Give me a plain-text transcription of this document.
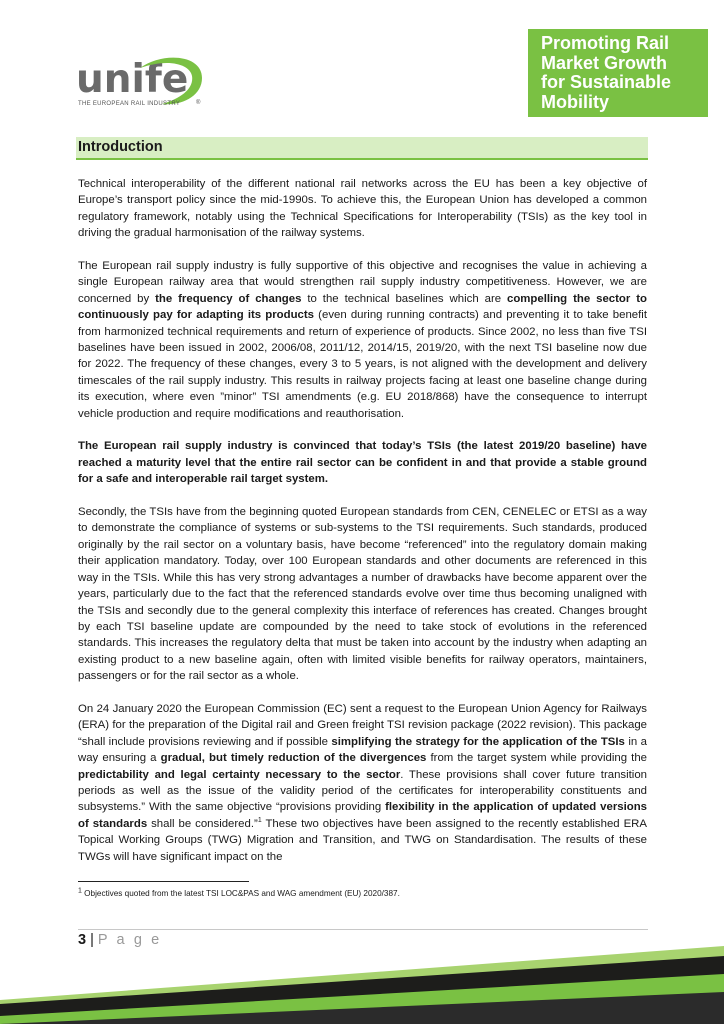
unife
THE EUROPEAN RAIL INDUSTRY	®
Promoting Rail
Market Growth
for Sustainable
Mobility
Introduction

Technical interoperability of the different national rail networks across the EU has been a key objective of Europe’s transport policy since the mid-1990s. To achieve this, the European Union has developed a common regulatory framework, notably using the Technical Specifications for Interoperability (TSIs) as the key tool in driving the gradual harmonisation of the railway systems.

The European rail supply industry is fully supportive of this objective and recognises the value in achieving a single European railway area that would strengthen rail supply industry competitiveness. However, we are concerned by the frequency of changes to the technical baselines which are compelling the sector to continuously pay for adapting its products (even during running contracts) and preventing it to take benefit from harmonized technical requirements and return of experience of products. Since 2002, no less than five TSI baselines have been issued in 2002, 2006/08, 2011/12, 2014/15, 2019/20, with the next TSI baseline now due for 2022. The frequency of these changes, every 3 to 5 years, is not aligned with the development and delivery timescales of the rail supply industry. This results in railway projects facing at least one baseline change during its execution, where even ”minor” TSI amendments (e.g. EU 2018/868) have the consequence to interrupt vehicle production and require modifications and reauthorisation.

The European rail supply industry is convinced that today’s TSIs (the latest 2019/20 baseline) have reached a maturity level that the entire rail sector can be confident in and that provide a stable ground for a safe and interoperable rail target system.

Secondly, the TSIs have from the beginning quoted European standards from CEN, CENELEC or ETSI as a way to demonstrate the compliance of systems or sub-systems to the TSI requirements. Such standards, produced originally by the rail sector on a voluntary basis, have become “referenced” into the regulatory domain making their application mandatory. Today, over 100 European standards and other documents are referenced in this way in the TSIs. While this has very strong advantages a number of drawbacks have become apparent over the years, particularly due to the fact that the referenced standards evolve over time thus becoming unaligned with the TSIs and secondly due to the general complexity this interface of references has created. Changes brought by each TSI baseline update are compounded by the need to take stock of evolutions in the referenced standards. This increases the regulatory delta that must be taken into account by the industry when adapting an existing product to a new baseline again, often with limited visible benefits for railway operators, maintainers, passengers or for the rail sector as a whole.

On 24 January 2020 the European Commission (EC) sent a request to the European Union Agency for Railways (ERA) for the preparation of the Digital rail and Green freight TSI revision package (2022 revision). This package “shall include provisions reviewing and if possible simplifying the strategy for the application of the TSIs in a way ensuring a gradual, but timely reduction of the divergences from the target system while providing the predictability and legal certainty necessary to the sector. These provisions shall cover future transition periods as well as the issue of the validity period of the certificates for interoperability constituents and subsystems.” With the same objective “provisions providing flexibility in the application of updated versions of standards shall be considered.”$^1$ These two objectives have been assigned to the recently established ERA Topical Working Groups (TWG) Migration and Transition, and TWG on Standardisation. The results of these TWGs will have significant impact on the

$^1$ Objectives quoted from the latest TSI LOC&PAS and WAG amendment (EU) 2020/387.
3 | P a g e
